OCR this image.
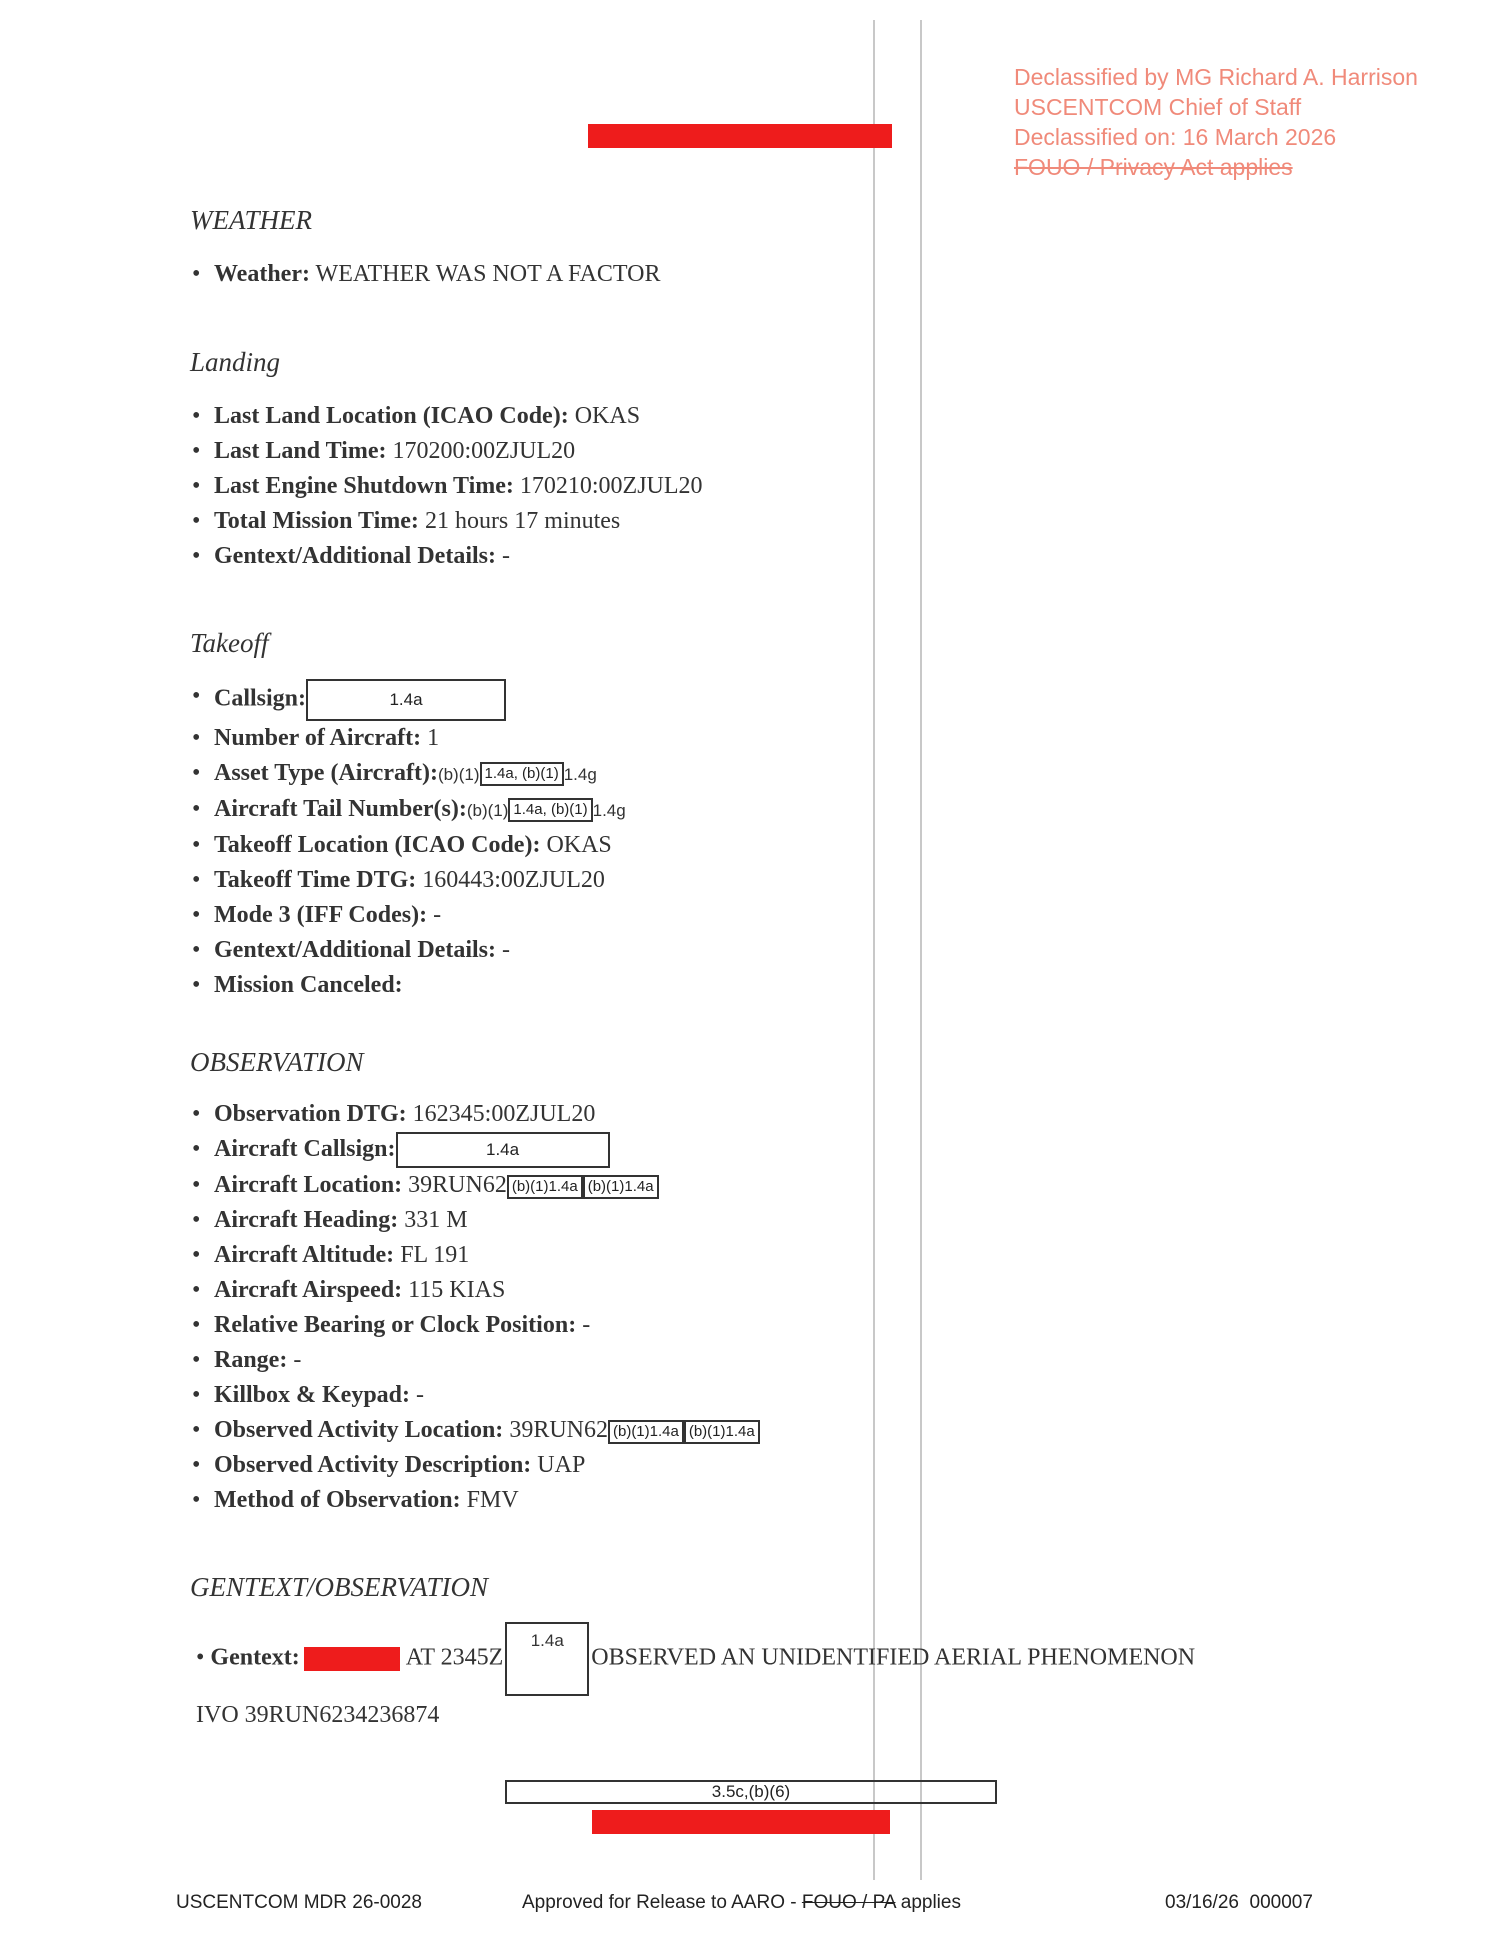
Declassified by MG Richard A. Harrison
USCENTCOM Chief of Staff
Declassified on: 16 March 2026
FOUO / Privacy Act applies
WEATHER
• Weather: WEATHER WAS NOT A FACTOR
Landing
• Last Land Location (ICAO Code): OKAS
• Last Land Time: 170200:00ZJUL20
• Last Engine Shutdown Time: 170210:00ZJUL20
• Total Mission Time: 21 hours 17 minutes
• Gentext/Additional Details: -
Takeoff
• Callsign:	1.4a
• Number of Aircraft: 1
• Asset Type (Aircraft):(b)(1) 1.4a, (b)(1) 1.4g
• Aircraft Tail Number(s):(b)(1) 1.4a, (b)(1) 1.4g
• Takeoff Location (ICAO Code): OKAS
• Takeoff Time DTG: 160443:00ZJUL20
• Mode 3 (IFF Codes): -
• Gentext/Additional Details: -
• Mission Canceled:
OBSERVATION
• Observation DTG: 162345:00ZJUL20
• Aircraft Callsign:	1.4a
• Aircraft Location: 39RUN62 (b)(1)1.4a (b)(1)1.4a
• Aircraft Heading: 331 M
• Aircraft Altitude: FL 191
• Aircraft Airspeed: 115 KIAS
• Relative Bearing or Clock Position: -
• Range: -
• Killbox & Keypad: -
• Observed Activity Location: 39RUN62 (b)(1)1.4a (b)(1)1.4a
• Observed Activity Description: UAP
• Method of Observation: FMV
GENTEXT/OBSERVATION
• Gentext:	AT 2345Z1.4aOBSERVED AN UNIDENTIFIED AERIAL PHENOMENON
IVO 39RUN6234236874
3.5c,(b)(6)
USCENTCOM MDR 26-0028	Approved for Release to AARO - FOUO / PA applies	03/16/26  000007
